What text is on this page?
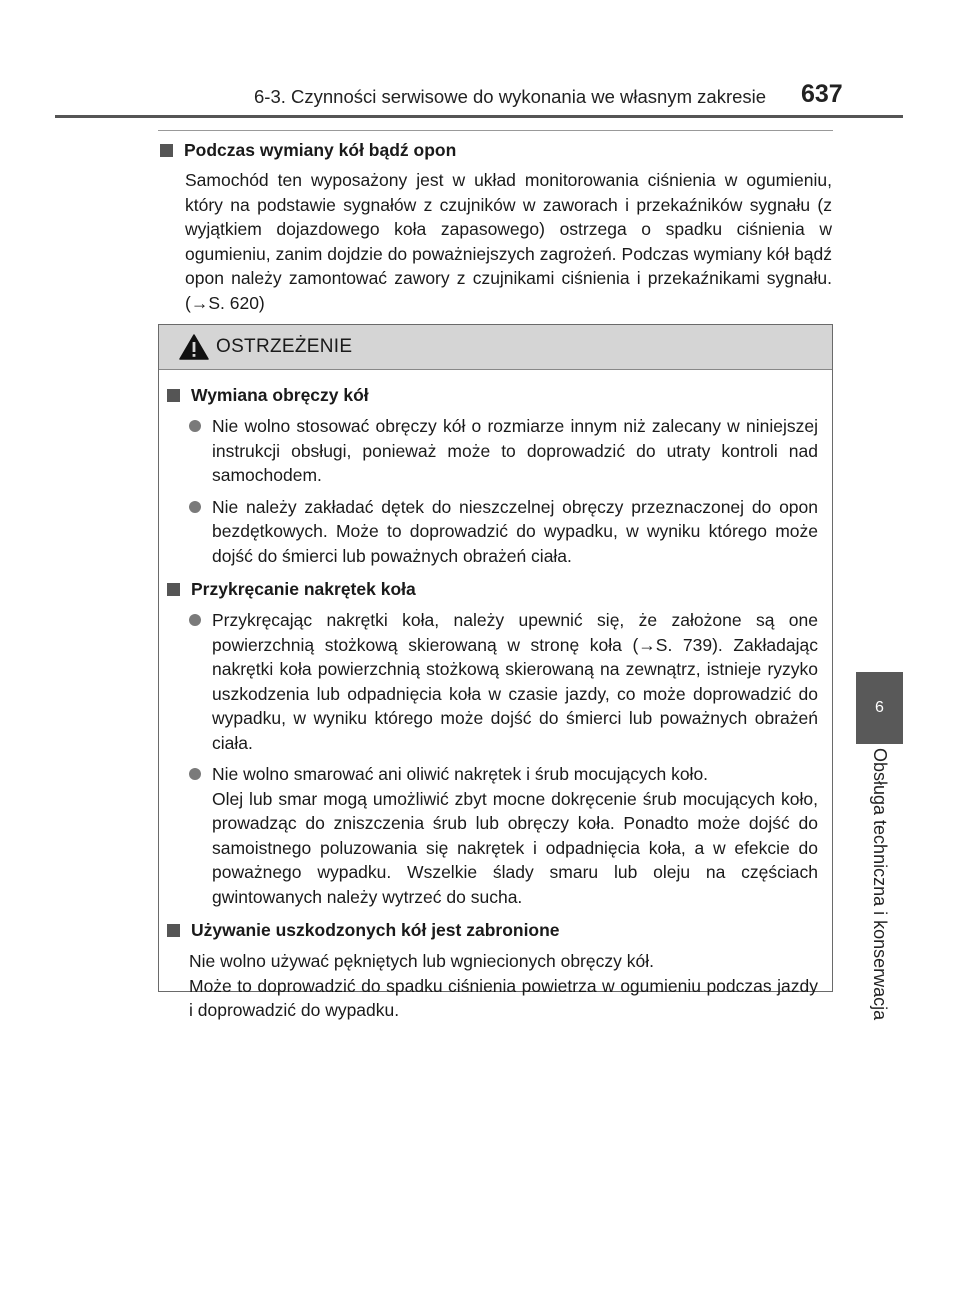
6-3. Czynności serwisowe do wykonania we własnym zakresie 637
6
Obsługa techniczna i konserwacja
Podczas wymiany kół bądź opon
Samochód ten wyposażony jest w układ monitorowania ciśnienia w ogumieniu, który na podstawie sygnałów z czujników w zaworach i przekaźników sygnału (z wyjątkiem dojazdowego koła zapasowego) ostrzega o spadku ciśnienia w ogumieniu, zanim dojdzie do poważniejszych zagrożeń. Podczas wymiany kół bądź opon należy zamontować zawory z czujnikami ciśnienia i przekaźnikami sygnału. (→S. 620)
OSTRZEŻENIE
Wymiana obręczy kół

Nie wolno stosować obręczy kół o rozmiarze innym niż zalecany w niniejszej instrukcji obsługi, ponieważ może to doprowadzić do utraty kontroli nad samochodem.

Nie należy zakładać dętek do nieszczelnej obręczy przeznaczonej do opon bezdętkowych. Może to doprowadzić do wypadku, w wyniku którego może dojść do śmierci lub poważnych obrażeń ciała.

Przykręcanie nakrętek koła

Przykręcając nakrętki koła, należy upewnić się, że założone są one powierzchnią stożkową skierowaną w stronę koła (→S. 739). Zakładając nakrętki koła powierzchnią stożkową skierowaną na zewnątrz, istnieje ryzyko uszkodzenia lub odpadnięcia koła w czasie jazdy, co może doprowadzić do wypadku, w wyniku którego może dojść do śmierci lub poważnych obrażeń ciała.

Nie wolno smarować ani oliwić nakrętek i śrub mocujących koło.

Olej lub smar mogą umożliwić zbyt mocne dokręcenie śrub mocujących koło, prowadząc do zniszczenia śrub lub obręczy koła. Ponadto może dojść do samoistnego poluzowania się nakrętek i odpadnięcia koła, a w efekcie do poważnego wypadku. Wszelkie ślady smaru lub oleju na częściach gwintowanych należy wytrzeć do sucha.

Używanie uszkodzonych kół jest zabronione

Nie wolno używać pękniętych lub wgniecionych obręczy kół.

Może to doprowadzić do spadku ciśnienia powietrza w ogumieniu podczas jazdy i doprowadzić do wypadku.
